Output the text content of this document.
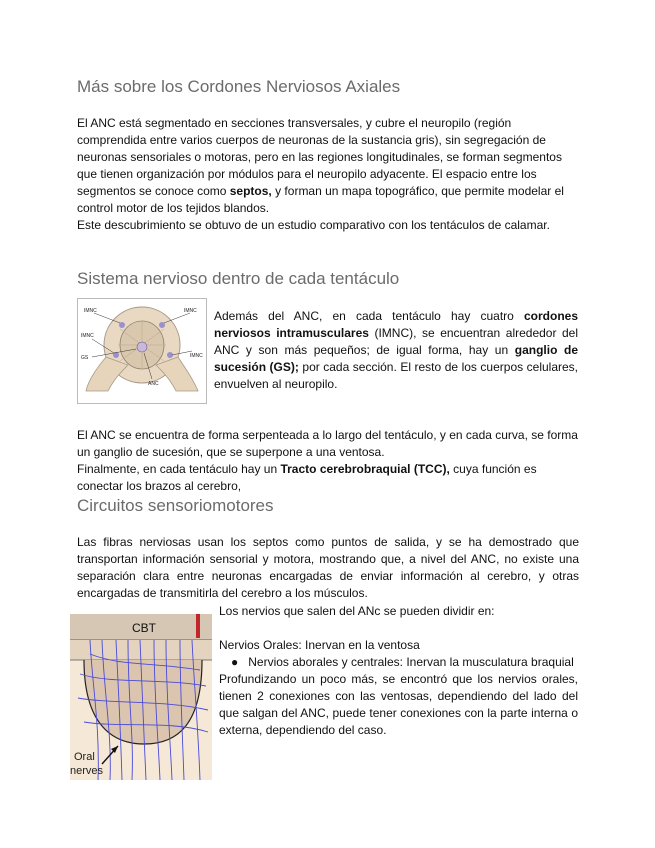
Más sobre los Cordones Nerviosos Axiales

El ANC está segmentado en secciones transversales, y cubre el neuropilo (región comprendida entre varios cuerpos de neuronas de la sustancia gris), sin segregación de neuronas sensoriales o motoras, pero en las regiones longitudinales, se forman segmentos que tienen organización por módulos para el neuropilo adyacente. El espacio entre los segmentos se conoce como septos, y forman un mapa topográfico, que permite modelar el control motor de los tejidos blandos.

Este descubrimiento se obtuvo de un estudio comparativo con los tentáculos de calamar.

Sistema nervioso dentro de cada tentáculo
IMNC	IMNC
IMNC
IMNC
GS
ANC

Además del ANC, en cada tentáculo hay cuatro cordones nerviosos intramusculares (IMNC), se encuentran alrededor del ANC y son más pequeños; de igual forma, hay un ganglio de sucesión (GS); por cada sección. El resto de los cuerpos celulares, envuelven al neuropilo.

El ANC se encuentra de forma serpenteada a lo largo del tentáculo, y en cada curva, se forma un ganglio de sucesión, que se superpone a una ventosa.

Finalmente, en cada tentáculo hay un Tracto cerebrobraquial (TCC), cuya función es conectar los brazos al cerebro,

Circuitos sensoriomotores

Las fibras nerviosas usan los septos como puntos de salida, y se ha demostrado que transportan información sensorial y motora, mostrando que, a nivel del ANC, no existe una separación clara entre neuronas encargadas de enviar información al cerebro, y otras encargadas de transmitirla del cerebro a los músculos.

CBT
Oral
nerves

Los nervios que salen del ANc se pueden dividir en:

Nervios Orales: Inervan en la ventosa

●   Nervios aborales y centrales: Inervan la musculatura braquial

Profundizando un poco más, se encontró que los nervios orales, tienen 2 conexiones con las ventosas, dependiendo del lado del que salgan del ANC, puede tener conexiones con la parte interna o externa, dependiendo del caso.
